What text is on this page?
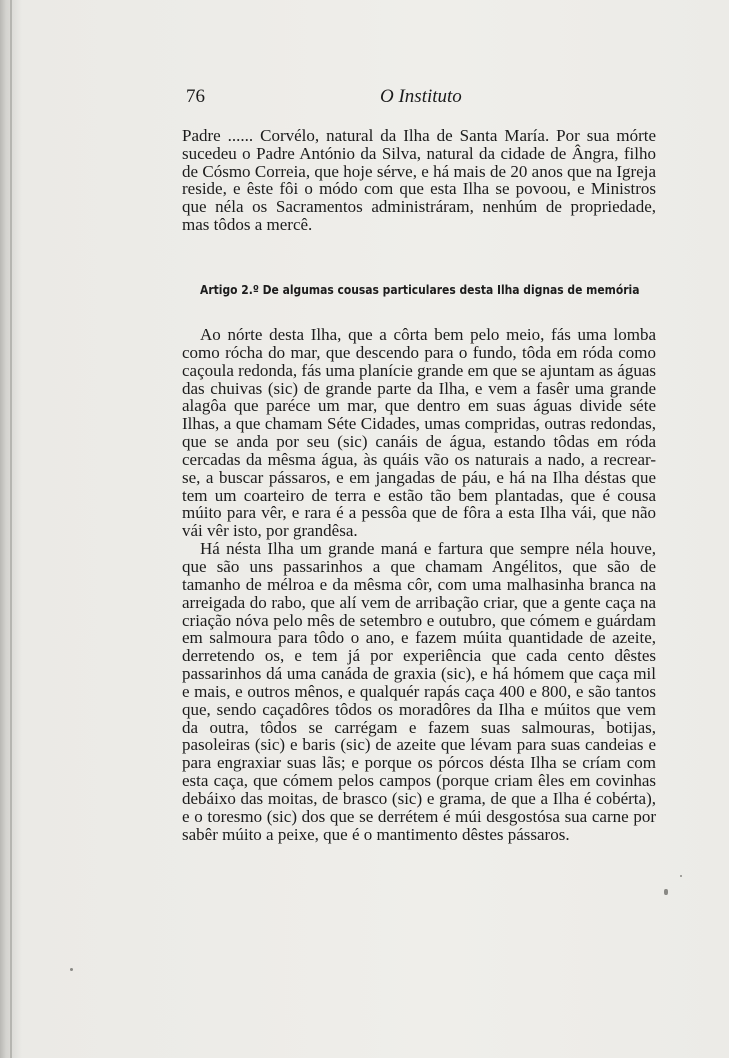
76	O Instituto

Padre ...... Corvélo, natural da Ilha de Santa María. Por sua mórte sucedeu o Padre António da Silva, natural da cidade de Ângra, filho de Cósmo Correia, que hoje sérve, e há mais de 20 anos que na Igreja reside, e êste fôi o módo com que esta Ilha se povoou, e Ministros que néla os Sacramentos administráram, nenhúm de propriedade, mas tôdos a mercê.

Artigo 2.º De algumas cousas particulares desta Ilha dignas de memória

Ao nórte desta Ilha, que a côrta bem pelo meio, fás uma lomba como rócha do mar, que descendo para o fundo, tôda em róda como caçoula redonda, fás uma planície grande em que se ajuntam as águas das chuivas (sic) de grande parte da Ilha, e vem a fasêr uma grande alagôa que paréce um mar, que dentro em suas águas divide séte Ilhas, a que chamam Séte Cidades, umas compridas, outras redondas, que se anda por seu (sic) canáis de água, estando tôdas em róda cercadas da mêsma água, às quáis vão os naturais a nado, a recrear-se, a buscar pássaros, e em jangadas de páu, e há na Ilha déstas que tem um coarteiro de terra e estão tão bem plantadas, que é cousa múito para vêr, e rara é a pessôa que de fôra a esta Ilha vái, que não vái vêr isto, por grandêsa.

Há nésta Ilha um grande maná e fartura que sempre néla houve, que são uns passarinhos a que chamam Angélitos, que são de tamanho de mélroa e da mêsma côr, com uma malhasinha branca na arreigada do rabo, que alí vem de arribação criar, que a gente caça na criação nóva pelo mês de setembro e outubro, que cómem e guárdam em salmoura para tôdo o ano, e fazem múita quantidade de azeite, derretendo os, e tem já por experiência que cada cento dêstes passarinhos dá uma canáda de graxia (sic), e há hómem que caça mil e mais, e outros mênos, e qualquér rapás caça 400 e 800, e são tantos que, sendo caçadôres tôdos os moradôres da Ilha e múitos que vem da outra, tôdos se carrégam e fazem suas salmouras, botijas, pasoleiras (sic) e baris (sic) de azeite que lévam para suas candeias e para engraxiar suas lãs; e porque os pórcos désta Ilha se críam com esta caça, que cómem pelos campos (porque criam êles em covinhas debáixo das moitas, de brasco (sic) e grama, de que a Ilha é cobérta), e o toresmo (sic) dos que se derrétem é múi desgostósa sua carne por sabêr múito a peixe, que é o mantimento dêstes pássaros.
